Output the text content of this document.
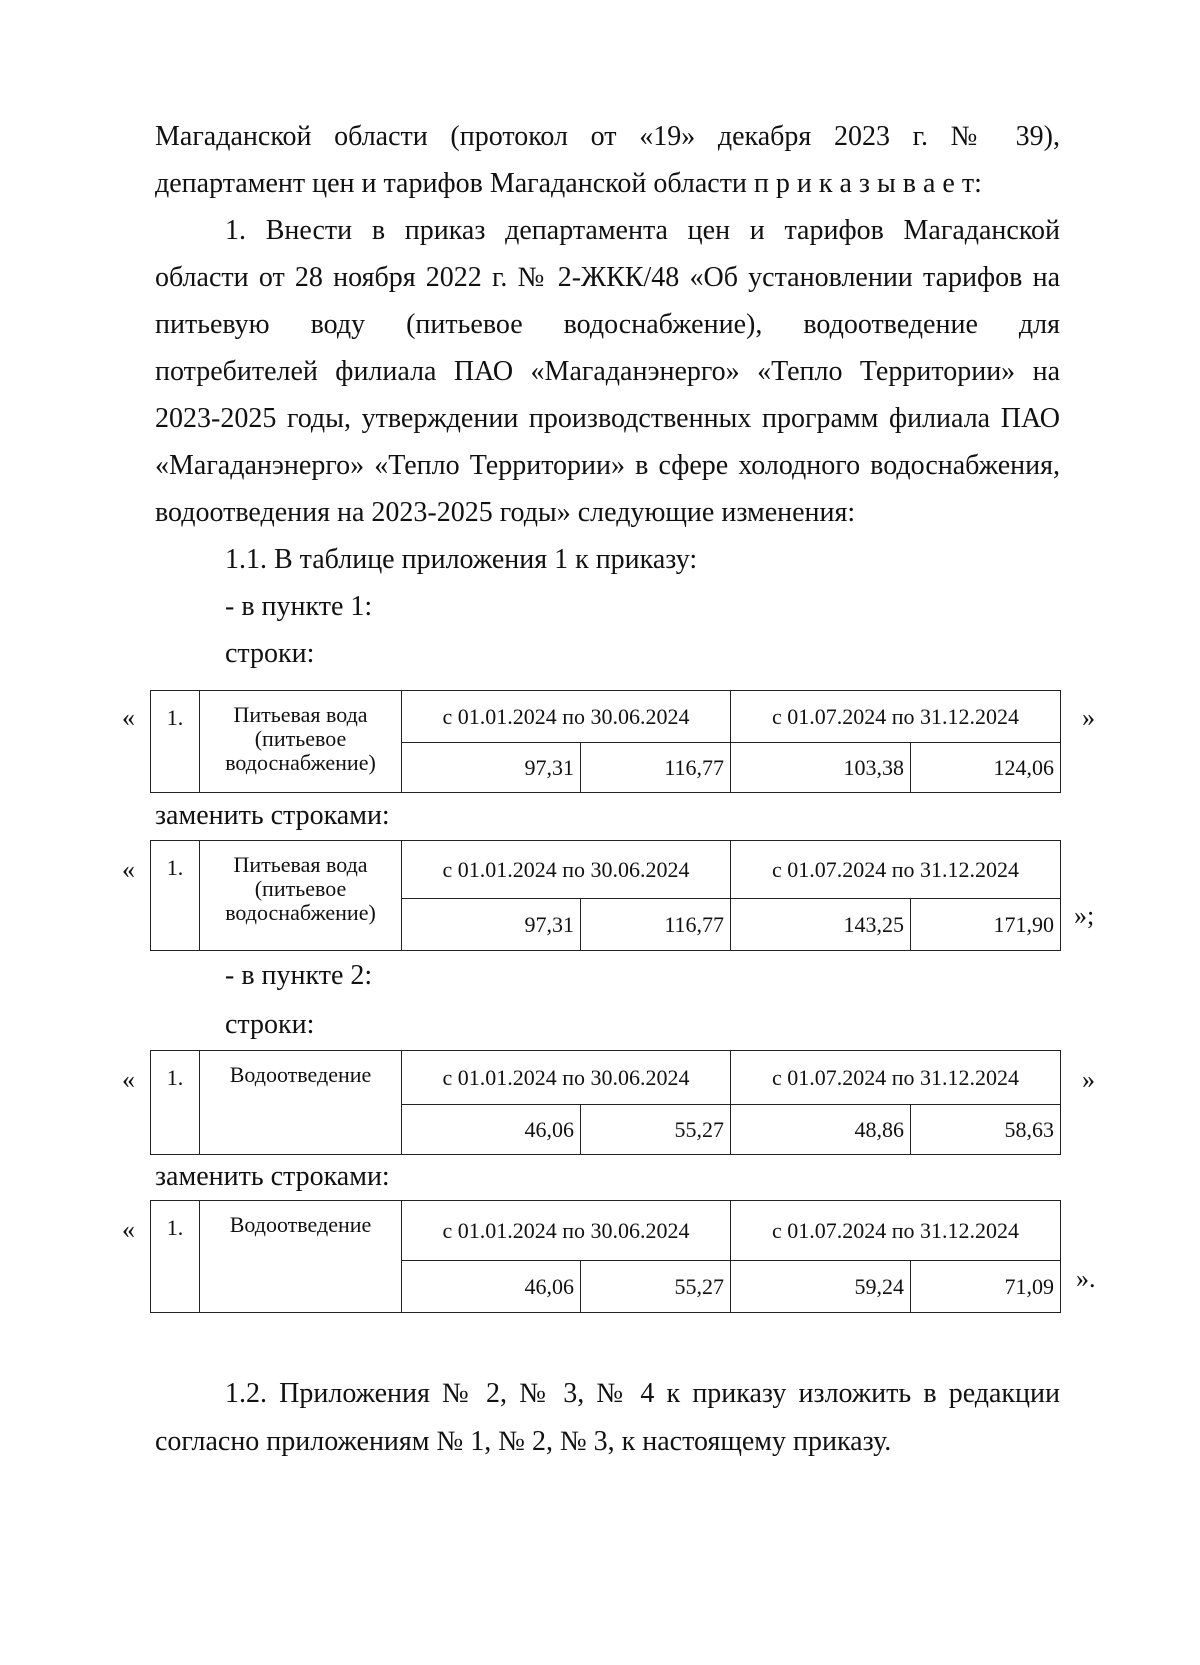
Магаданской области (протокол от «19» декабря 2023 г. № 39),
департамент цен и тарифов Магаданской области п р и к а з ы в а е т:
1. Внести в приказ департамента цен и тарифов Магаданской
области от 28 ноября 2022 г. № 2-ЖКК/48 «Об установлении тарифов на
питьевую воду (питьевое водоснабжение), водоотведение для
потребителей филиала ПАО «Магаданэнерго» «Тепло Территории» на
2023-2025 годы, утверждении производственных программ филиала ПАО
«Магаданэнерго» «Тепло Территории» в сфере холодного водоснабжения,
водоотведения на 2023-2025 годы» следующие изменения:
1.1. В таблице приложения 1 к приказу:
- в пункте 1:
строки:
« 1.	Питьевая вода (питьевое водоснабжение)	с 01.01.2024 по 30.06.2024		с 01.07.2024 по 31.12.2024	
		97,31	116,77	103,38	124,06
»
заменить строками:
« 1.	Питьевая вода (питьевое водоснабжение)	с 01.01.2024 по 30.06.2024		с 01.07.2024 по 31.12.2024	
		97,31	116,77	143,25	171,90 »;
- в пункте 2:
строки:
« 1.	Водоотведение	с 01.01.2024 по 30.06.2024		с 01.07.2024 по 31.12.2024	
		46,06	55,27	48,86	58,63
»
заменить строками:
« 1.	Водоотведение	с 01.01.2024 по 30.06.2024		с 01.07.2024 по 31.12.2024	
		46,06	55,27	59,24	71,09 ».
1.2. Приложения № 2, № 3, № 4 к приказу изложить в редакции
согласно приложениям № 1, № 2, № 3, к настоящему приказу.
